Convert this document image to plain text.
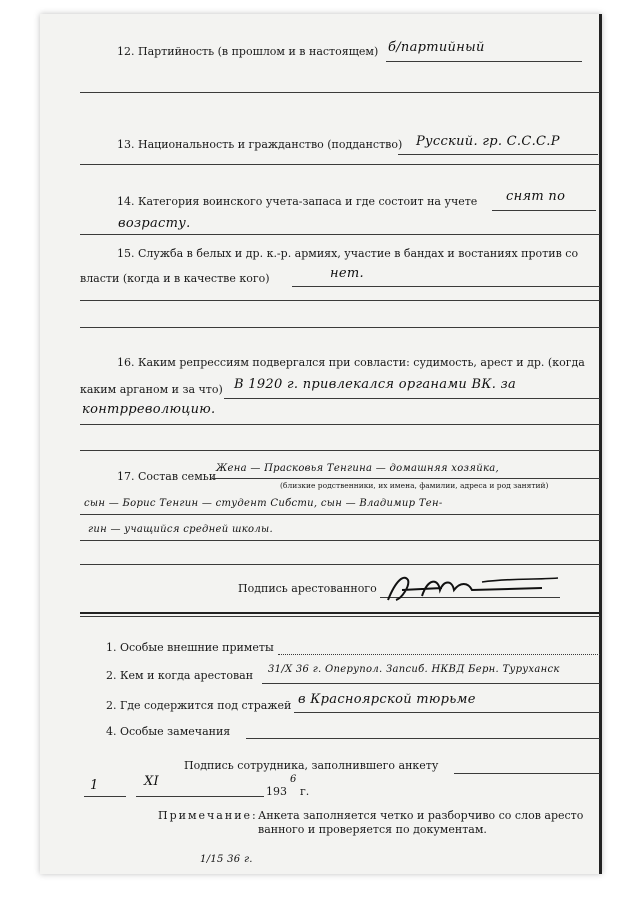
12. Партийность (в прошлом и в настоящем) б/партийный
13. Национальность и гражданство (подданство) Русский. гр. С.С.С.Р
14. Категория воинского учета-запаса и где состоит на учете снят по
возрасту.
15. Служба в белых и др. к.-р. армиях, участие в бандах и востаниях против со
власти (когда и в качестве кого)	нет.
16. Каким репрессиям подвергался при совласти: судимость, арест и др. (когда
каким арганом и за что) В 1920 г. привлекался органами ВК. за
контрреволюцию.
17. Состав семьи
Жена — Прасковья Тенгина — домашняя хозяйка,
(близкие родственники, их имена, фамилии, адреса и род занятий)
сын — Борис Тенгин — студент Сибсти, сын — Владимир Тен-
гин — учащийся средней школы.
Подпись арестованного
1. Особые внешние приметы
2. Кем и когда арестован 31/X 36 г. Оперупол. Запсиб. НКВД Берн. Туруханск
2. Где содержится под стражей в Красноярской тюрьме
4. Особые замечания
Подпись сотрудника, заполнившего анкету
1	XI
193
6
г.
Примечание: Анкета заполняется четко и разборчиво со слов аресто
ванного и проверяется по документам.
1/15 36 г.
